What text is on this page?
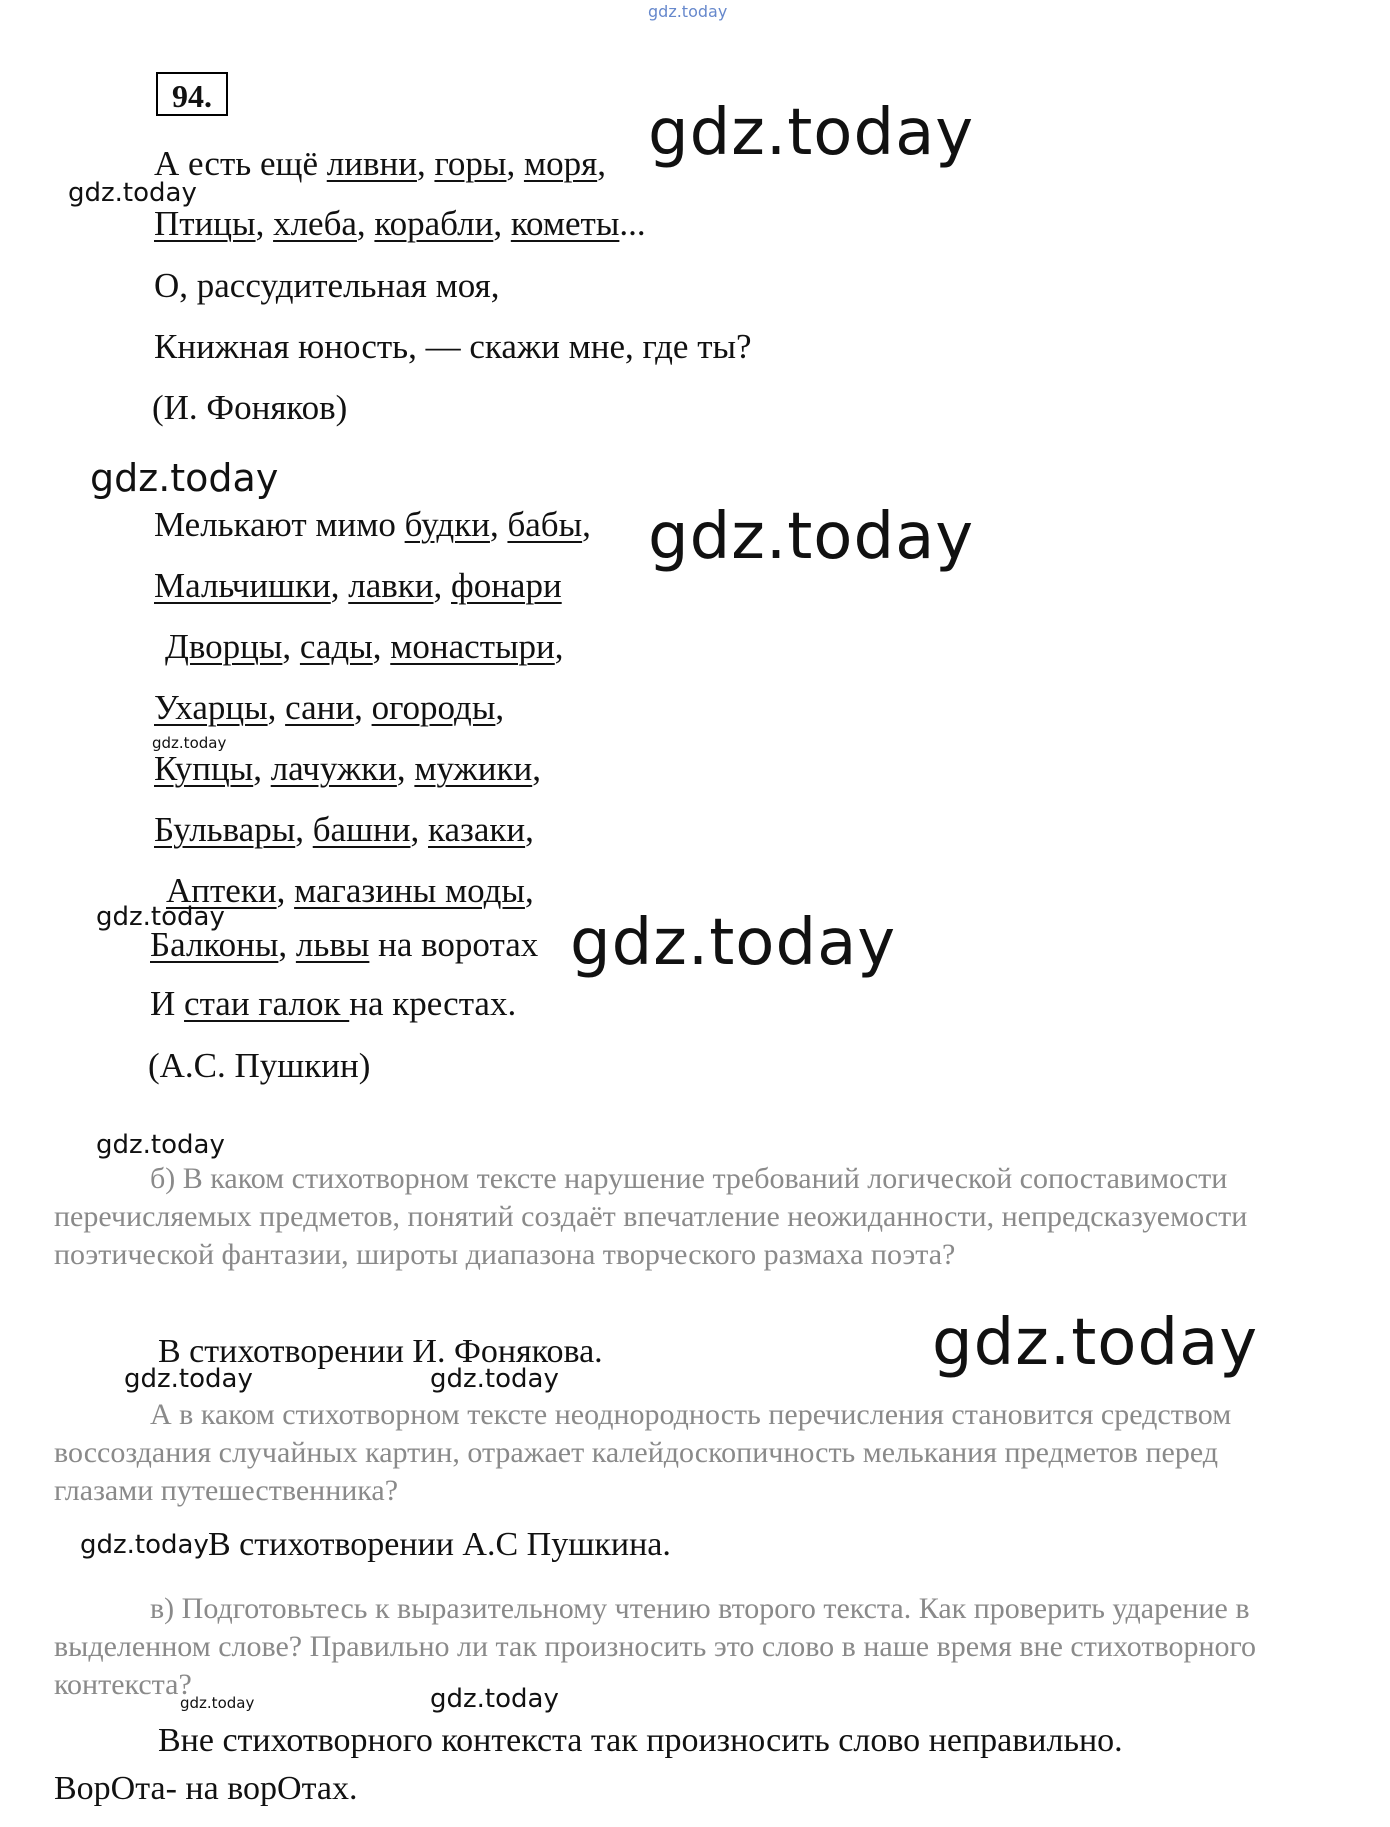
gdz.today
94.
А есть ещё ливни, горы, моря,
Птицы, хлеба, корабли, кометы...
О, рассудительная моя,
Книжная юность, — скажи мне, где ты?
(И. Фоняков)
Мелькают мимо будки, бабы,
Мальчишки, лавки, фонари
Дворцы, сады, монастыри,
Ухарцы, сани, огороды,
Купцы, лачужки, мужики,
Бульвары, башни, казаки,
Аптеки, магазины моды,
Балконы, львы на воротах
И стаи галок на крестах.
(А.С. Пушкин)
б) В каком стихотворном тексте нарушение требований логической сопоставимости перечисляемых предметов, понятий создаёт впечатление неожиданности, непредсказуемости поэтической фантазии, широты диапазона творческого размаха поэта?
В стихотворении И. Фонякова.
А в каком стихотворном тексте неоднородность перечисления становится средством воссоздания случайных картин, отражает калейдоскопичность мелькания предметов перед глазами путешественника?
В стихотворении А.С Пушкина.
в) Подготовьтесь к выразительному чтению второго текста. Как проверить ударение в выделенном слове? Правильно ли так произносить это слово в наше время вне стихотворного контекста?
Вне стихотворного контекста так произносить слово неправильно.
ВорОта- на ворОтах.
gdz.today
gdz.today
gdz.today
gdz.today
gdz.today
gdz.today	gdz.today
gdz.today
gdz.today
gdz.today	gdz.today
gdz.today
gdz.today
gdz.today
